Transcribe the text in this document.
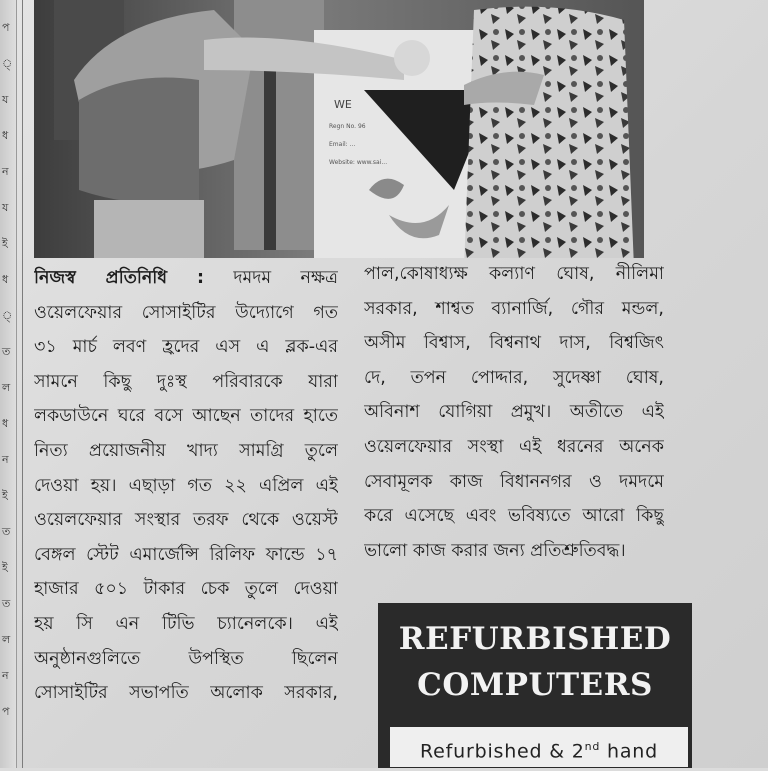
প
্
য
ধ
ন
য
ই
ধ
্
ত
ল
ধ
ন
ই
ত
ই
ত
ল
ন
প
WE
Regn No. 96
Email: ...
Website: www.sai...
নিজস্ব প্রতিনিধি : দমদম নক্ষত্র
ওয়েলফেয়ার সোসাইটির উদ্যোগে গত
৩১ মার্চ লবণ হ্রদের এস এ ব্লক-এর
সামনে কিছু দুঃস্থ পরিবারকে যারা
লকডাউনে ঘরে বসে আছেন তাদের হাতে
নিত্য প্রয়োজনীয় খাদ্য সামগ্রি তুলে
দেওয়া হয়। এছাড়া গত ২২ এপ্রিল এই
ওয়েলফেয়ার সংস্থার তরফ থেকে ওয়েস্ট
বেঙ্গল স্টেট এমার্জেন্সি রিলিফ ফান্ডে ১৭
হাজার ৫০১ টাকার চেক তুলে দেওয়া
হয় সি এন টিভি চ্যানেলকে। এই
অনুষ্ঠানগুলিতে উপস্থিত ছিলেন
সোসাইটির সভাপতি অলোক সরকার,
পাল,কোষাধ্যক্ষ কল্যাণ ঘোষ, নীলিমা
সরকার, শাশ্বত ব্যানার্জি, গৌর মন্ডল,
অসীম বিশ্বাস, বিশ্বনাথ দাস, বিশ্বজিৎ
দে, তপন পোদ্দার, সুদেষ্ণা ঘোষ,
অবিনাশ যোগিয়া প্রমুখ। অতীতে এই
ওয়েলফেয়ার সংস্থা এই ধরনের অনেক
সেবামূলক কাজ বিধাননগর ও দমদমে
করে এসেছে এবং ভবিষ্যতে আরো কিছু
ভালো কাজ করার জন্য প্রতিশ্রুতিবদ্ধ।
REFURBISHED
COMPUTERS
Refurbished & 2nd hand
